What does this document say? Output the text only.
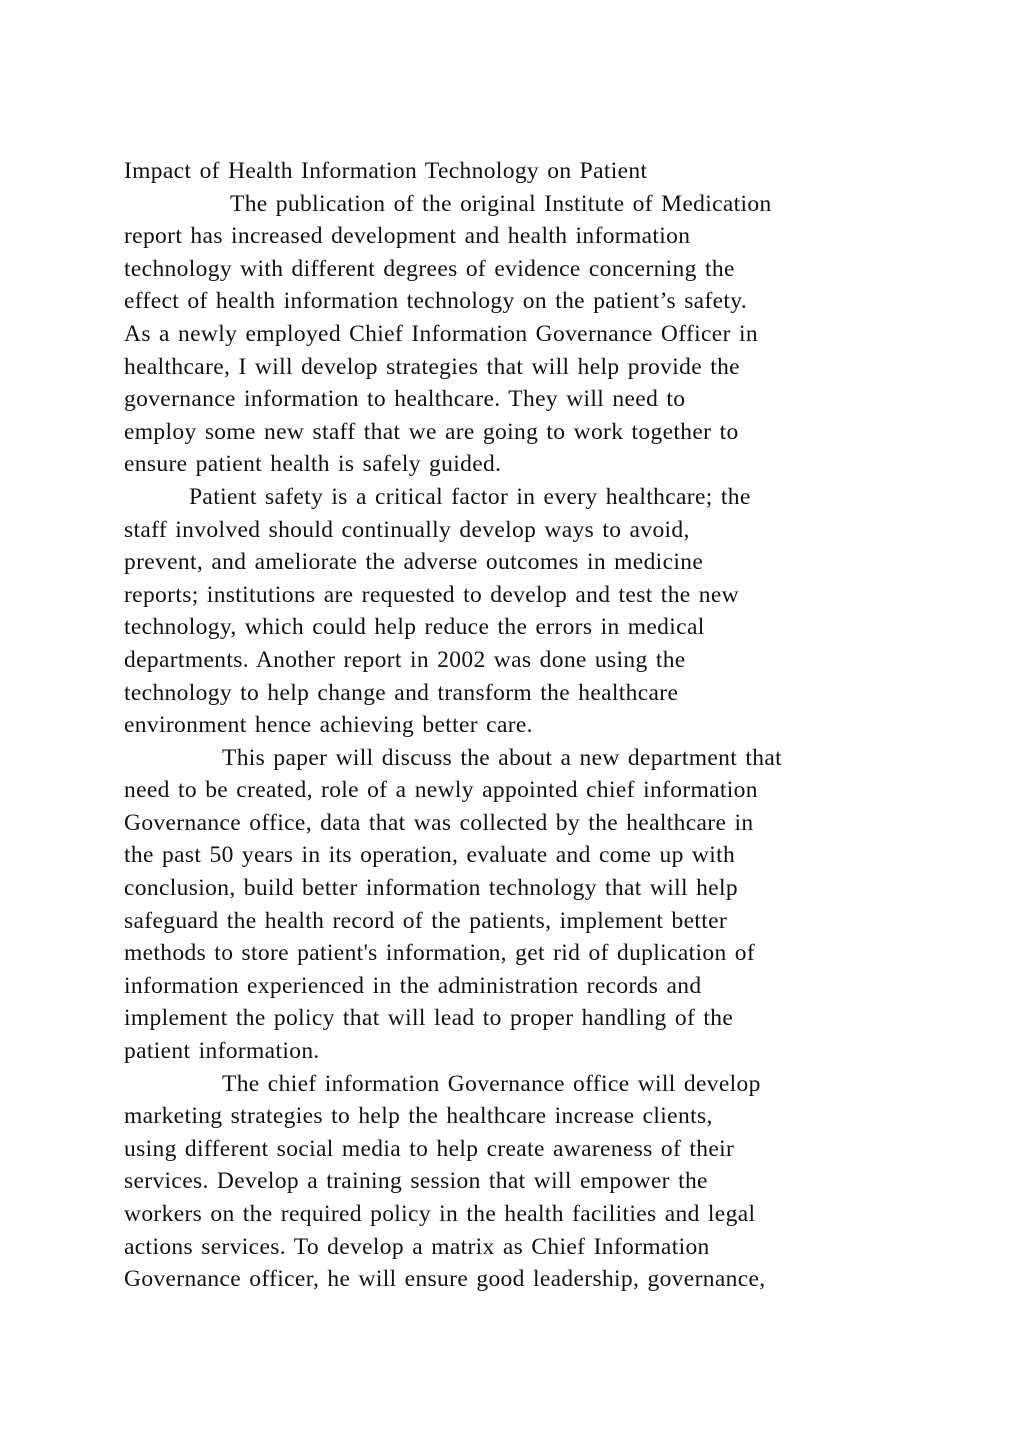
Impact of Health Information Technology on Patient
The publication of the original Institute of Medication
report has increased development and health information
technology with different degrees of evidence concerning the
effect of health information technology on the patient’s safety.
As a newly employed Chief Information Governance Officer in
healthcare, I will develop strategies that will help provide the
governance information to healthcare. They will need to
employ some new staff that we are going to work together to
ensure patient health is safely guided.
Patient safety is a critical factor in every healthcare; the
staff involved should continually develop ways to avoid,
prevent, and ameliorate the adverse outcomes in medicine
reports; institutions are requested to develop and test the new
technology, which could help reduce the errors in medical
departments. Another report in 2002 was done using the
technology to help change and transform the healthcare
environment hence achieving better care.
This paper will discuss the about a new department that
need to be created, role of a newly appointed chief information
Governance office, data that was collected by the healthcare in
the past 50 years in its operation, evaluate and come up with
conclusion, build better information technology that will help
safeguard the health record of the patients, implement better
methods to store patient's information, get rid of duplication of
information experienced in the administration records and
implement the policy that will lead to proper handling of the
patient information.
The chief information Governance office will develop
marketing strategies to help the healthcare increase clients,
using different social media to help create awareness of their
services. Develop a training session that will empower the
workers on the required policy in the health facilities and legal
actions services. To develop a matrix as Chief Information
Governance officer, he will ensure good leadership, governance,
